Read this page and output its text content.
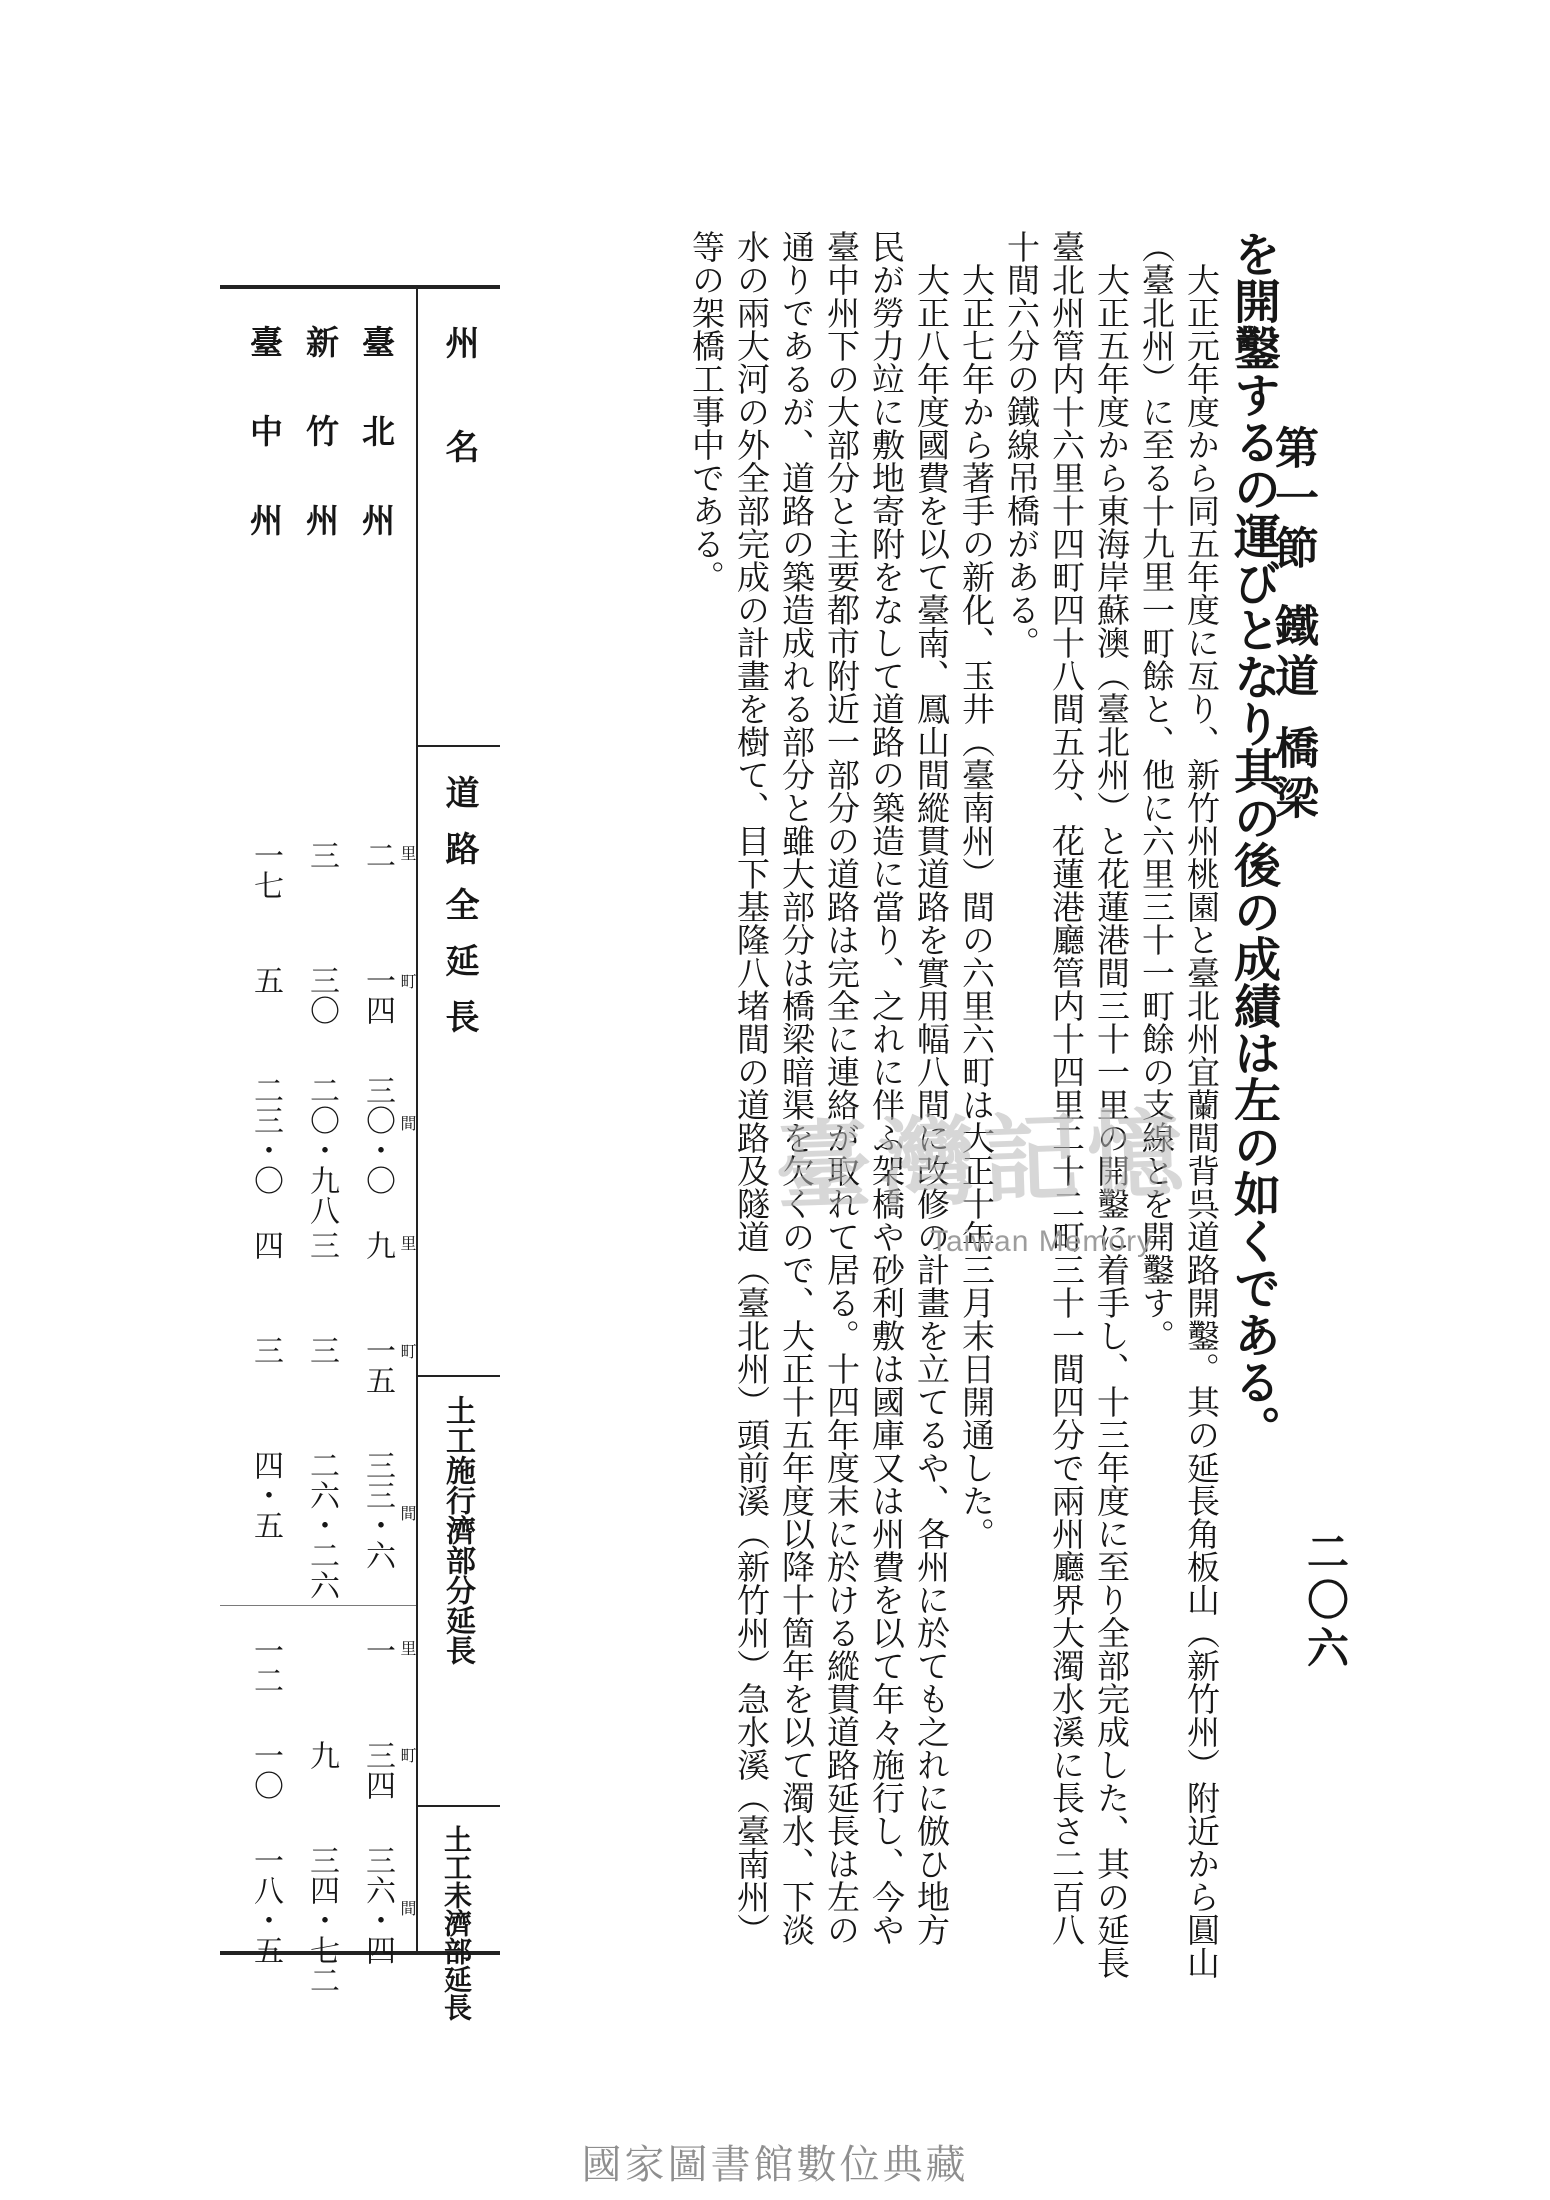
第一節鐵道橋梁
二〇六

を開鑿するの運びとなり其の後の成績は左の如くである。

大正元年度から同五年度に亙り、新竹州桃園と臺北州宜蘭間背呉道路開鑿。其の延長角板山（新竹州）附近から圓山

（臺北州）に至る十九里一町餘と、他に六里三十一町餘の支線とを開鑿す。

大正五年度から東海岸蘇澳（臺北州）と花蓮港間三十一里の開鑿に着手し、十三年度に至り全部完成した、其の延長

臺北州管内十六里十四町四十八間五分、花蓮港廳管内十四里二十二町三十一間四分で兩州廳界大濁水溪に長さ二百八

十間六分の鐵線吊橋がある。

大正七年から著手の新化、玉井（臺南州）間の六里六町は大正十年三月末日開通した。

大正八年度國費を以て臺南、鳳山間縱貫道路を實用幅八間に改修の計畫を立てるや、各州に於ても之れに倣ひ地方

民が勞力竝に敷地寄附をなして道路の築造に當り、之れに伴ふ架橋や砂利敷は國庫又は州費を以て年々施行し、今や

臺中州下の大部分と主要都市附近一部分の道路は完全に連絡が取れて居る。十四年度末に於ける縱貫道路延長は左の

通りであるが、道路の築造成れる部分と雖大部分は橋梁暗渠を欠くので、大正十五年度以降十箇年を以て濁水、下淡

水の兩大河の外全部完成の計畫を樹て、目下基隆八堵間の道路及隧道（臺北州）頭前溪（新竹州）急水溪（臺南州）

等の架橋工事中である。

州名
道路全延長
土工施行濟部分延長
土工未濟部延長
臺北州
二
一四
三〇・〇
九
一五
三三・六
一
三四
三六・四
新竹州
三
三〇
二〇・九八
三
三
二六・二六
九
三四・七二
臺中州
一七
五
二三・〇
四
三
四・五
一二
一〇
一八・五
里
町
間
里
町
間
里
町
間
臺灣記憶
Taiwan Memory
國家圖書館數位典藏
